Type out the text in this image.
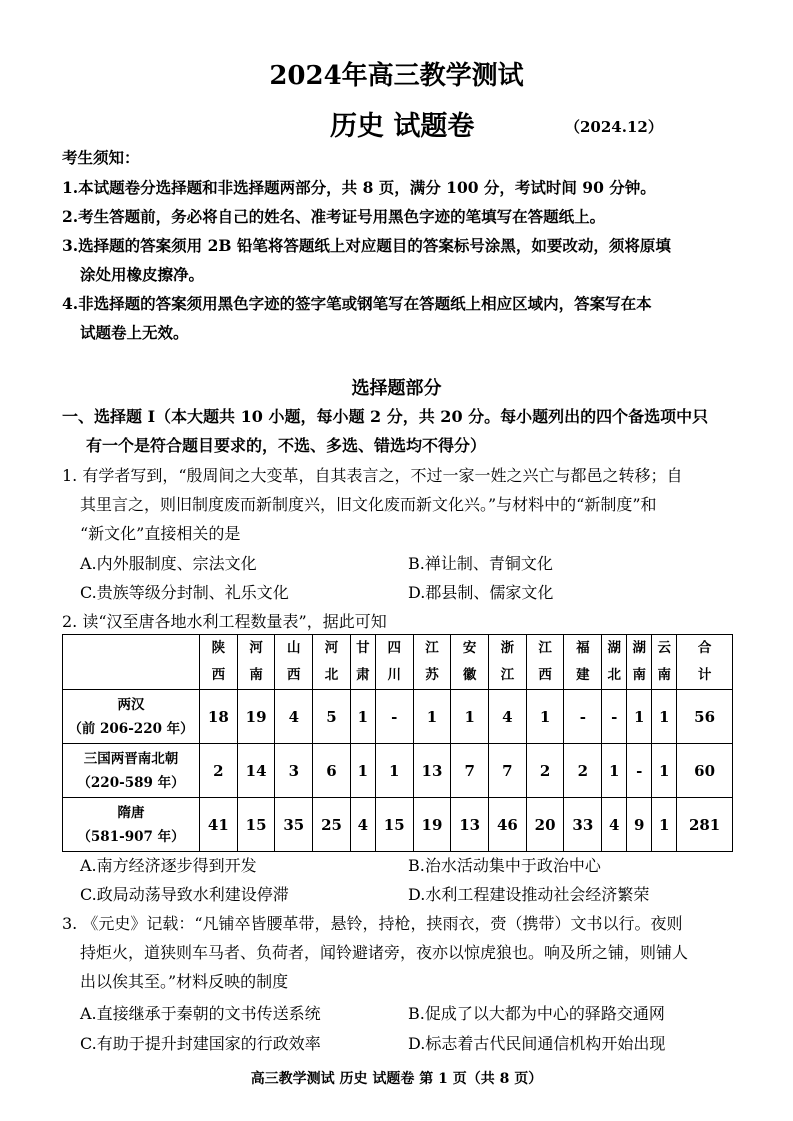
2024年高三教学测试
历史 试题卷	（2024.12）
考生须知：
1.本试题卷分选择题和非选择题两部分，共 8 页，满分 100 分，考试时间 90 分钟。
2.考生答题前，务必将自己的姓名、准考证号用黑色字迹的笔填写在答题纸上。
3.选择题的答案须用 2B 铅笔将答题纸上对应题目的答案标号涂黑，如要改动，须将原填
涂处用橡皮擦净。
4.非选择题的答案须用黑色字迹的签字笔或钢笔写在答题纸上相应区域内，答案写在本
试题卷上无效。
选择题部分
一、选择题 I（本大题共 10 小题，每小题 2 分，共 20 分。每小题列出的四个备选项中只
有一个是符合题目要求的，不选、多选、错选均不得分）
1. 有学者写到，“殷周间之大变革，自其表言之，不过一家一姓之兴亡与都邑之转移；自
其里言之，则旧制度废而新制度兴，旧文化废而新文化兴。”与材料中的“新制度”和
“新文化”直接相关的是
A.内外服制度、宗法文化	B.禅让制、青铜文化
C.贵族等级分封制、礼乐文化	D.郡县制、儒家文化
2. 读“汉至唐各地水利工程数量表”，据此可知

	陕
西	河
南	山
西	河
北	甘
肃	四
川	江
苏	安
徽	浙
江	江
西	福
建	湖
北	湖
南	云
南	合
计

两汉
（前 206-220 年）	18	19	4	5	1	-	1	1	4	1	-	-	1	1	56

三国两晋南北朝
（220-589 年）	2	14	3	6	1	1	13	7	7	2	2	1	-	1	60

隋唐
（581-907 年）	41	15	35	25	4	15	19	13	46	20	33	4	9	1	281
A.南方经济逐步得到开发	B.治水活动集中于政治中心
C.政局动荡导致水利建设停滞	D.水利工程建设推动社会经济繁荣
3. 《元史》记载：“凡铺卒皆腰革带，悬铃，持枪，挟雨衣，赍（携带）文书以行。夜则
持炬火，道狭则车马者、负荷者，闻铃避诸旁，夜亦以惊虎狼也。响及所之铺，则铺人
出以俟其至。”材料反映的制度
A.直接继承于秦朝的文书传送系统	B.促成了以大都为中心的驿路交通网
C.有助于提升封建国家的行政效率	D.标志着古代民间通信机构开始出现
高三教学测试 历史 试题卷 第 1 页（共 8 页）
